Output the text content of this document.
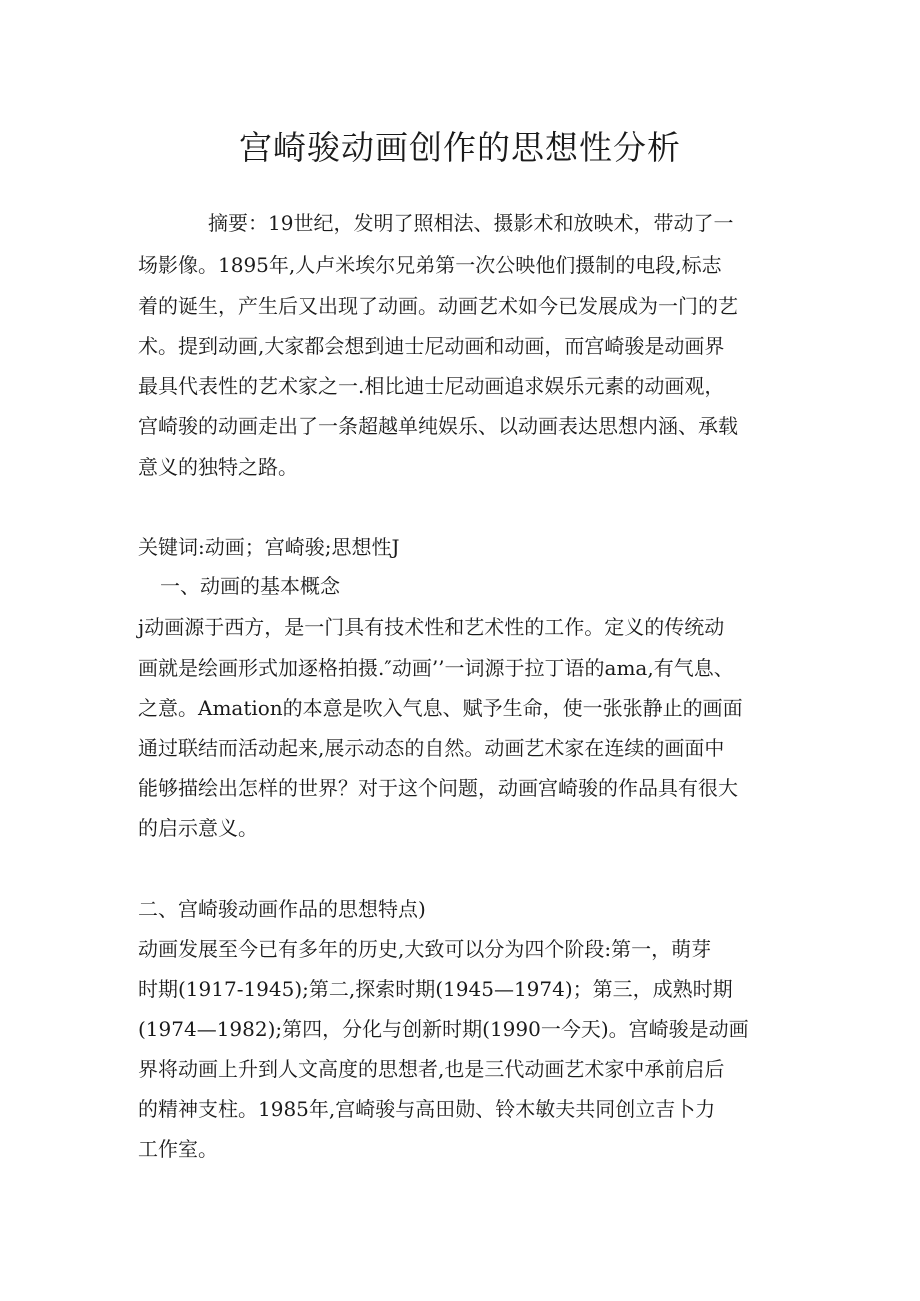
宫崎骏动画创作的思想性分析

摘要：19世纪，发明了照相法、摄影术和放映术，带动了一

场影像。1895年,人卢米埃尔兄弟第一次公映他们摄制的电段,标志

着的诞生，产生后又出现了动画。动画艺术如今已发展成为一门的艺

术。提到动画,大家都会想到迪士尼动画和动画，而宫崎骏是动画界

最具代表性的艺术家之一.相比迪士尼动画追求娱乐元素的动画观，

宫崎骏的动画走出了一条超越单纯娱乐、以动画表达思想内涵、承载

意义的独特之路。

关键词:动画；宫崎骏;思想性J

一、动画的基本概念

j动画源于西方，是一门具有技术性和艺术性的工作。定义的传统动

画就是绘画形式加逐格拍摄.″动画’’一词源于拉丁语的ama,有气息、

之意。Amation的本意是吹入气息、赋予生命，使一张张静止的画面

通过联结而活动起来,展示动态的自然。动画艺术家在连续的画面中

能够描绘出怎样的世界？对于这个问题，动画宫崎骏的作品具有很大

的启示意义。

二、宫崎骏动画作品的思想特点)

动画发展至今已有多年的历史,大致可以分为四个阶段:第一，萌芽

时期(1917-1945);第二,探索时期(1945—1974)；第三，成熟时期

(1974—1982);第四，分化与创新时期(1990一今天)。宫崎骏是动画

界将动画上升到人文高度的思想者,也是三代动画艺术家中承前启后

的精神支柱。1985年,宫崎骏与高田勋、铃木敏夫共同创立吉卜力

工作室。
